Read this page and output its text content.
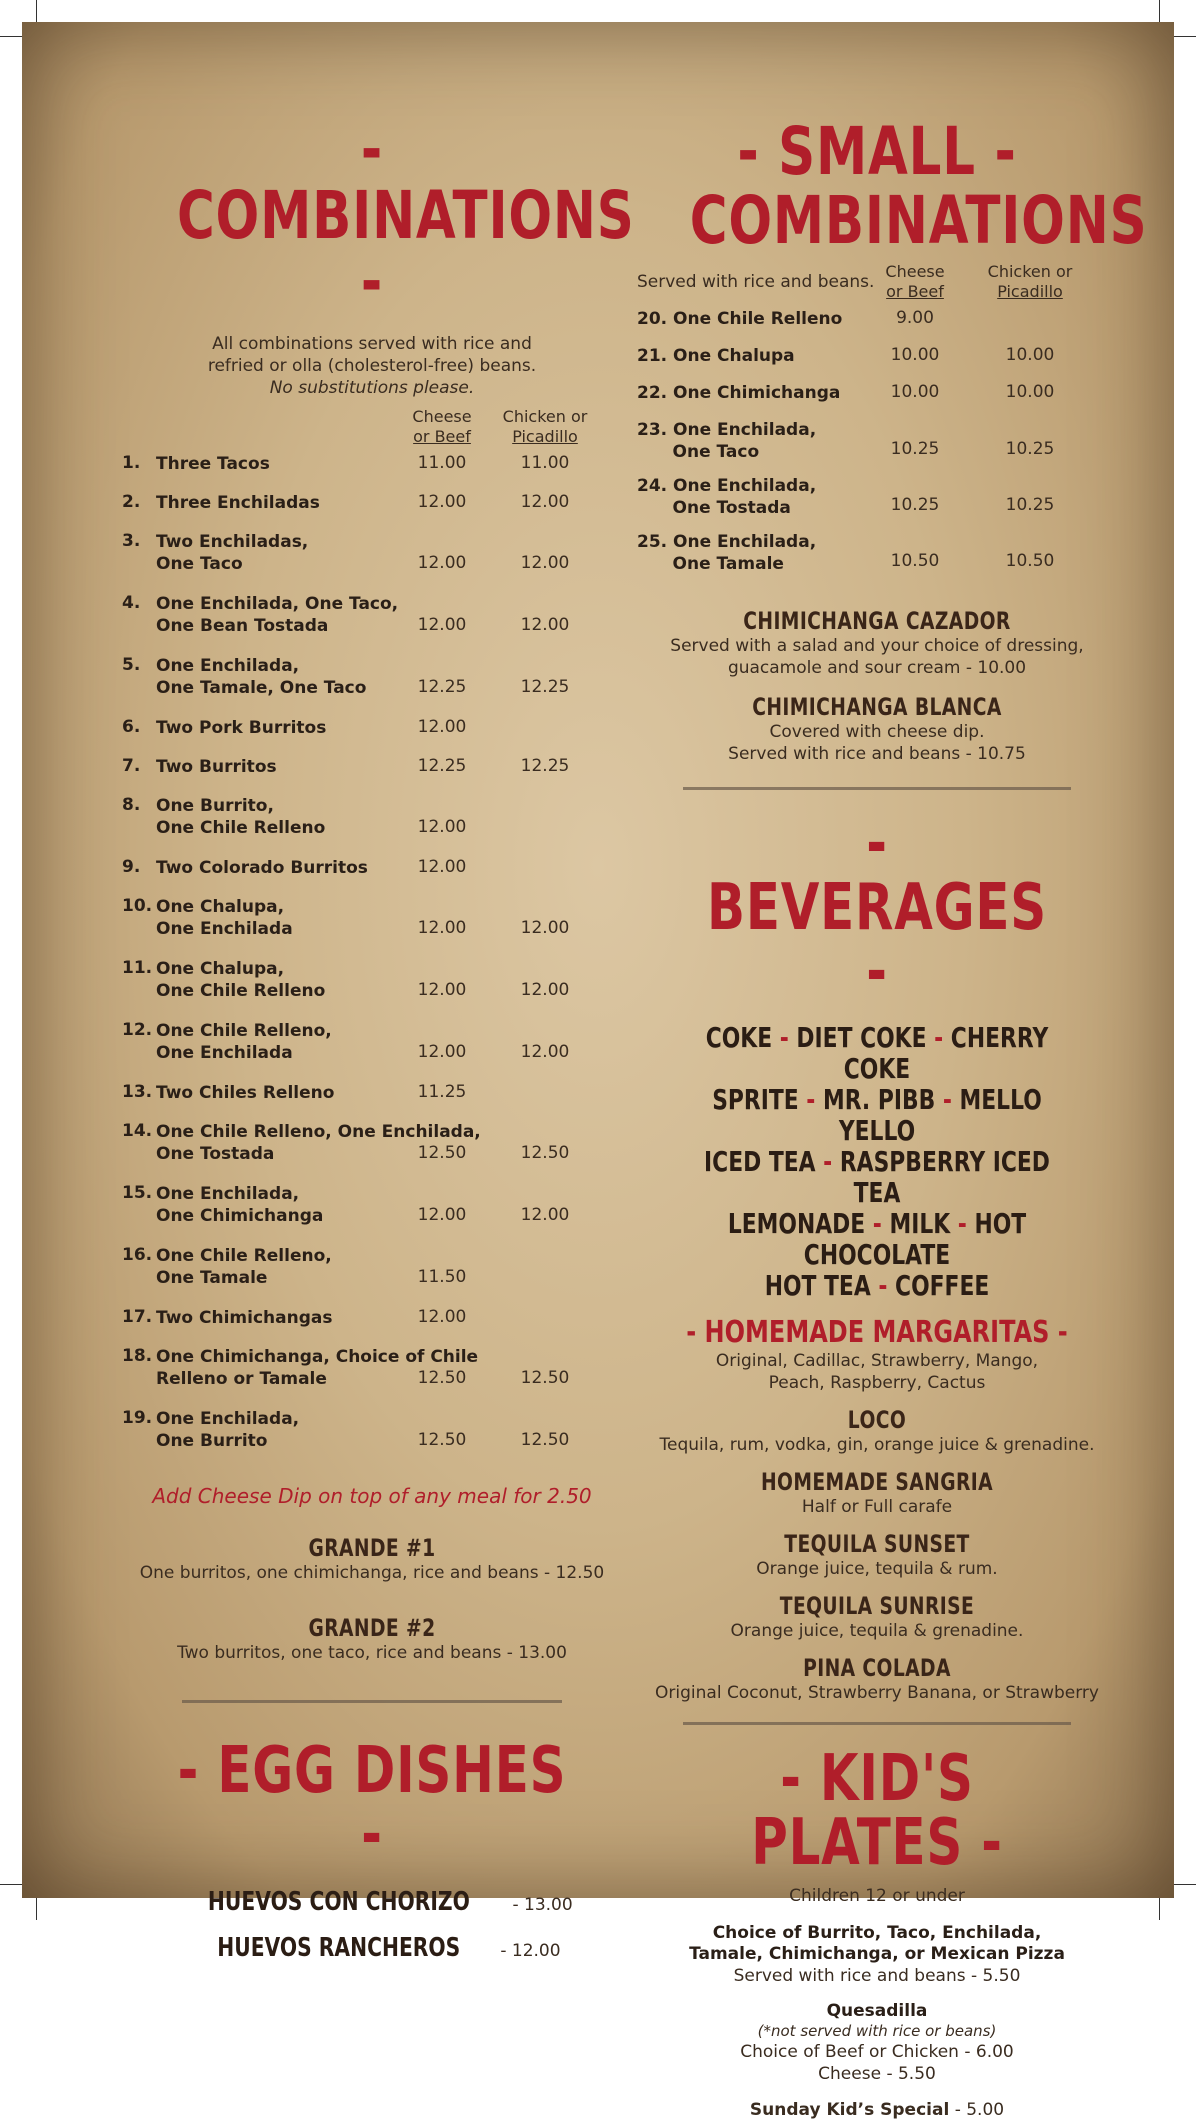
- COMBINATIONS -
All combinations served with rice and
refried or olla (cholesterol-free) beans.
No substitutions please.
Cheese
or Beef
Chicken or
Picadillo
1. Three Tacos	11.00	11.00
2. Three Enchiladas	12.00	12.00
3. Two Enchiladas,
One Taco	12.00	12.00
4. One Enchilada, One Taco,
One Bean Tostada	12.00	12.00
5. One Enchilada,
One Tamale, One Taco	12.25	12.25
6. Two Pork Burritos	12.00
7. Two Burritos	12.25	12.25
8. One Burrito,
One Chile Relleno	12.00
9. Two Colorado Burritos	12.00
10. One Chalupa,
One Enchilada	12.00	12.00
11. One Chalupa,
One Chile Relleno	12.00	12.00
12. One Chile Relleno,
One Enchilada	12.00	12.00
13. Two Chiles Relleno	11.25
14. One Chile Relleno, One Enchilada,
One Tostada	12.50	12.50
15. One Enchilada,
One Chimichanga	12.00	12.00
16. One Chile Relleno,
One Tamale	11.50
17. Two Chimichangas	12.00
18. One Chimichanga, Choice of Chile
Relleno or Tamale	12.50	12.50
19. One Enchilada,
One Burrito	12.50	12.50
Add Cheese Dip on top of any meal for 2.50
GRANDE #1
One burritos, one chimichanga, rice and beans - 12.50
GRANDE #2
Two burritos, one taco, rice and beans - 13.00
- EGG DISHES -
HUEVOS CON CHORIZO - 13.00
HUEVOS RANCHEROS - 12.00
- SMALL -
COMBINATIONS
Served with rice and beans.
Cheese
or Beef
Chicken or
Picadillo
20. One Chile Relleno	9.00
21. One Chalupa	10.00	10.00
22. One Chimichanga	10.00	10.00
23. One Enchilada,
One Taco	10.25	10.25
24. One Enchilada,
One Tostada	10.25	10.25
25. One Enchilada,
One Tamale	10.50	10.50
CHIMICHANGA CAZADOR
Served with a salad and your choice of dressing,
guacamole and sour cream - 10.00
CHIMICHANGA BLANCA
Covered with cheese dip.
Served with rice and beans - 10.75
- BEVERAGES -
COKE - DIET COKE - CHERRY COKE
SPRITE - MR. PIBB - MELLO YELLO
ICED TEA - RASPBERRY ICED TEA
LEMONADE - MILK - HOT CHOCOLATE
HOT TEA - COFFEE
- HOMEMADE MARGARITAS -
Original, Cadillac, Strawberry, Mango,
Peach, Raspberry, Cactus
LOCO
Tequila, rum, vodka, gin, orange juice & grenadine.
HOMEMADE SANGRIA
Half or Full carafe
TEQUILA SUNSET
Orange juice, tequila & rum.
TEQUILA SUNRISE
Orange juice, tequila & grenadine.
PINA COLADA
Original Coconut, Strawberry Banana, or Strawberry
- KID'S PLATES -
Children 12 or under
Choice of Burrito, Taco, Enchilada,
Tamale, Chimichanga, or Mexican Pizza
Served with rice and beans - 5.50
Quesadilla
(*not served with rice or beans)
Choice of Beef or Chicken - 6.00
Cheese - 5.50
Sunday Kid’s Special - 5.00
